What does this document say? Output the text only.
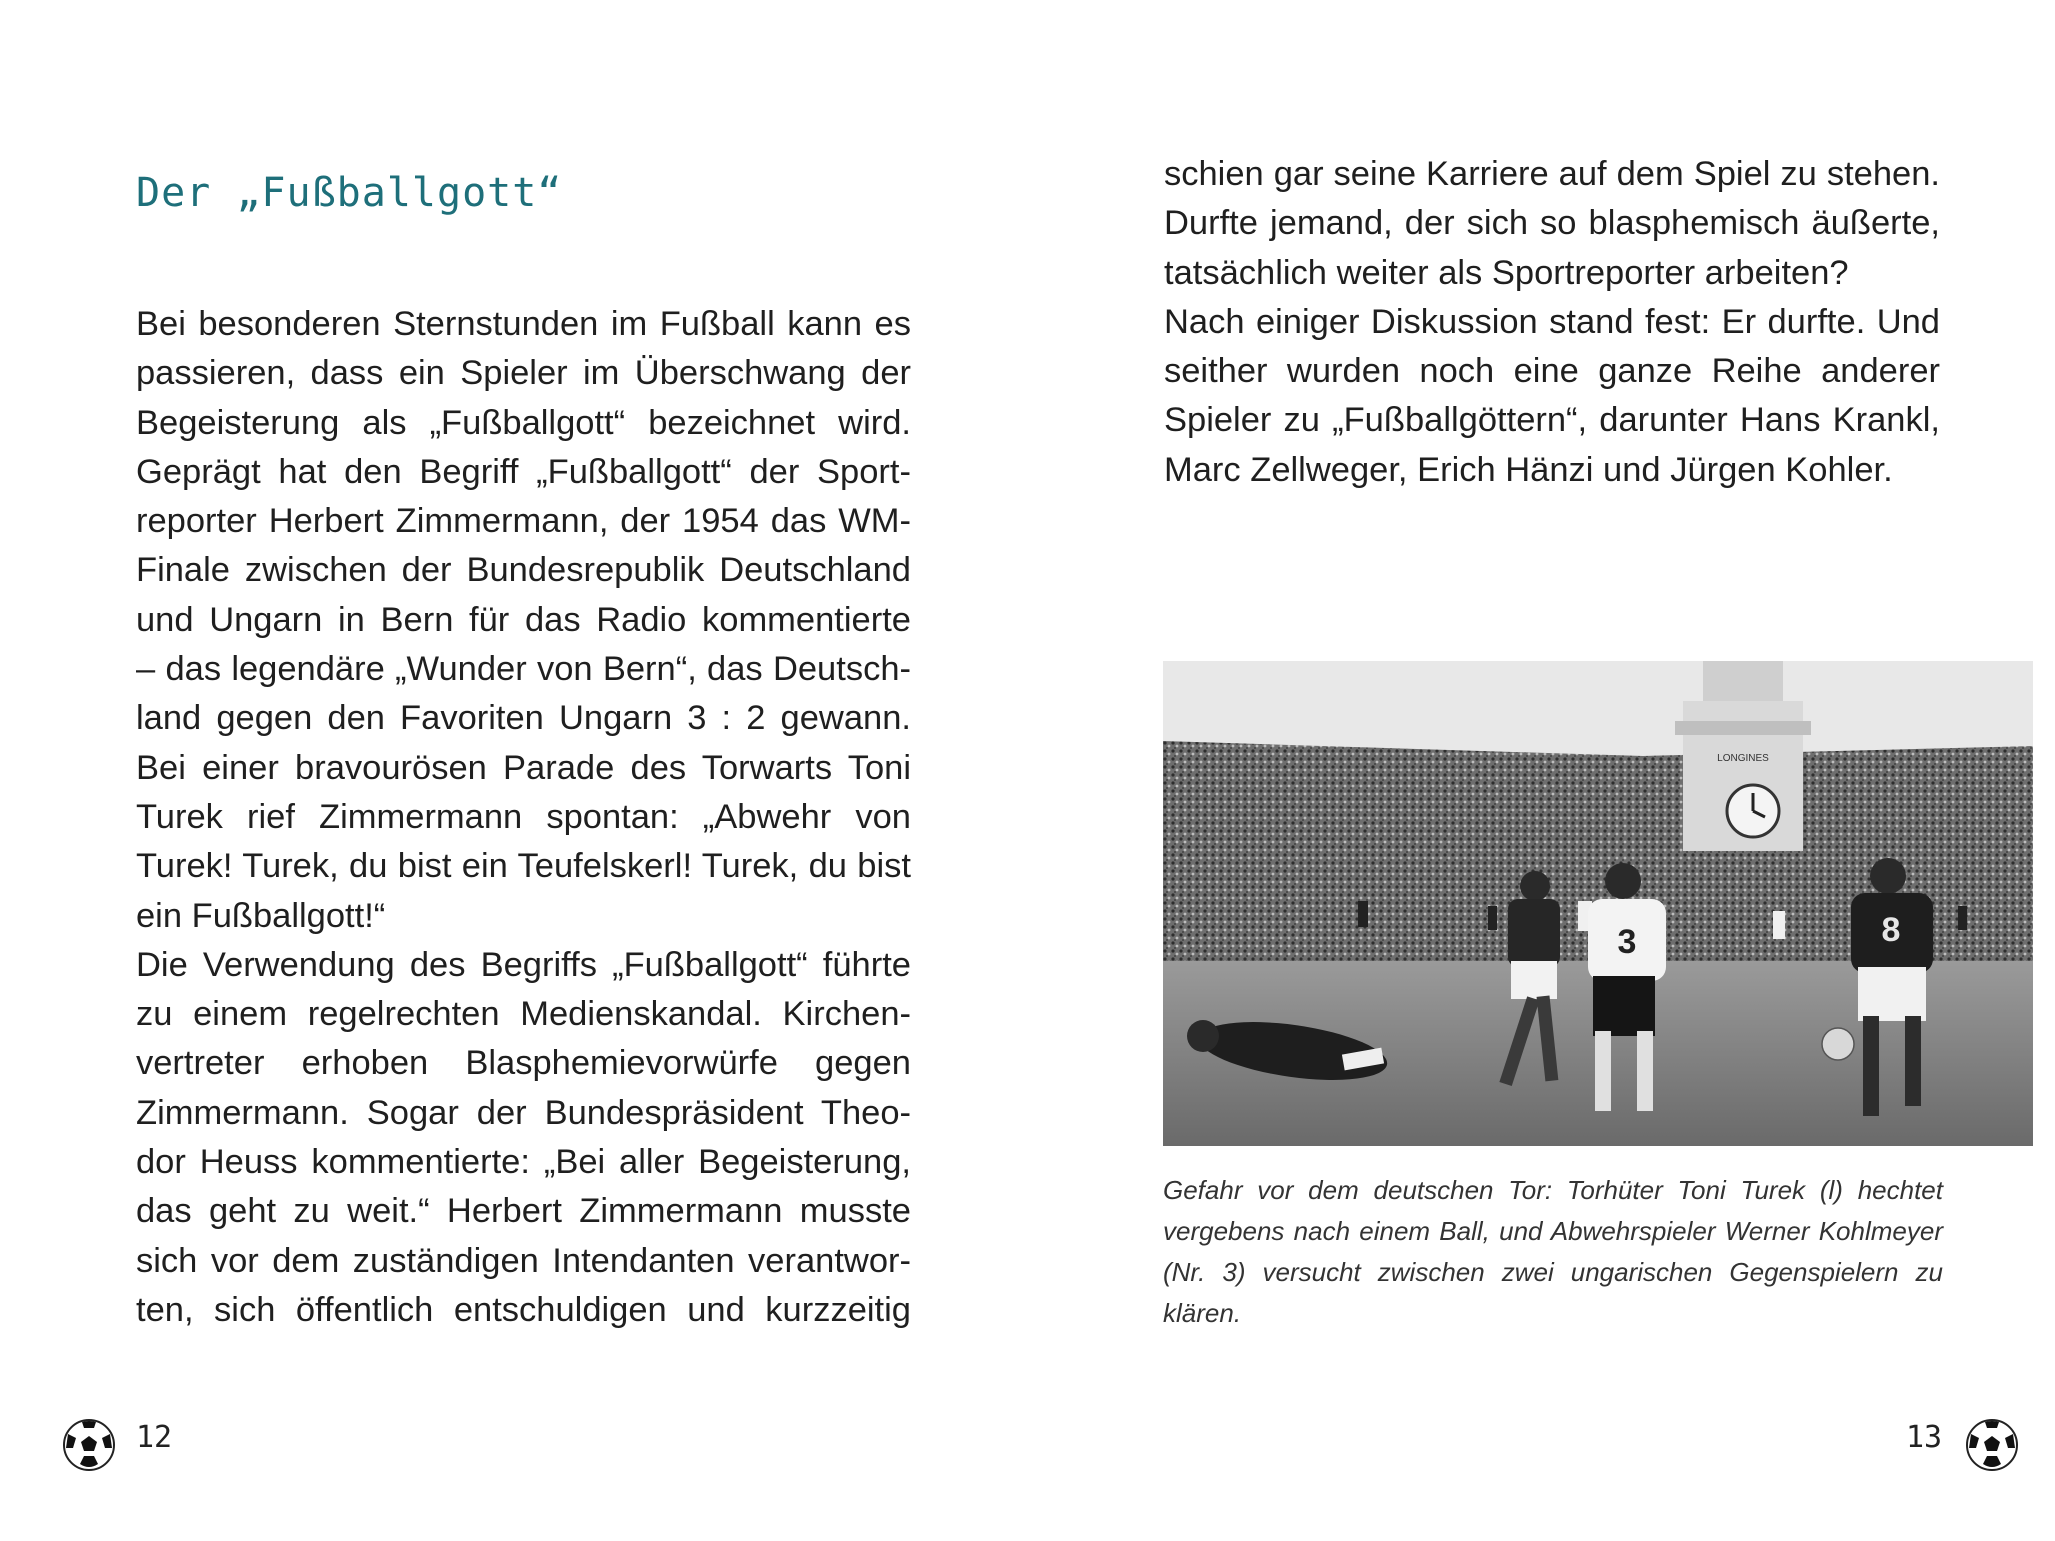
Der „Fußballgott“
Bei besonderen Sternstunden im Fußball kann es
passieren, dass ein Spieler im Überschwang der
Begeisterung als „Fußballgott“ bezeichnet wird.
Geprägt hat den Begriff „Fußballgott“ der Sport-
reporter Herbert Zimmermann, der 1954 das WM-
Finale zwischen der Bundesrepublik Deutschland
und Ungarn in Bern für das Radio kommentierte
– das legendäre „Wunder von Bern“, das Deutsch-
land gegen den Favoriten Ungarn 3 : 2 gewann.
Bei einer bravourösen Parade des Torwarts Toni
Turek rief Zimmermann spontan: „Abwehr von
Turek! Turek, du bist ein Teufelskerl! Turek, du bist
ein Fußballgott!“
Die Verwendung des Begriffs „Fußballgott“ führte
zu einem regelrechten Medienskandal. Kirchen-
vertreter erhoben Blasphemievorwürfe gegen
Zimmermann. Sogar der Bundespräsident Theo-
dor Heuss kommentierte: „Bei aller Begeisterung,
das geht zu weit.“ Herbert Zimmermann musste
sich vor dem zuständigen Intendanten verantwor-
ten, sich öffentlich entschuldigen und kurzzeitig
schien gar seine Karriere auf dem Spiel zu stehen.
Durfte jemand, der sich so blasphemisch äußerte,
tatsächlich weiter als Sportreporter arbeiten?
Nach einiger Diskussion stand fest: Er durfte. Und
seither wurden noch eine ganze Reihe anderer
Spieler zu „Fußballgöttern“, darunter Hans Krankl,
Marc Zellweger, Erich Hänzi und Jürgen Kohler.
LONGINES
3	8

Gefahr vor dem deutschen Tor: Torhüter Toni Turek (l) hechtet vergebens nach einem Ball, und Abwehrspieler Werner Kohlmeyer (Nr. 3) versucht zwischen zwei ungarischen Gegenspielern zu klären.

12	13
